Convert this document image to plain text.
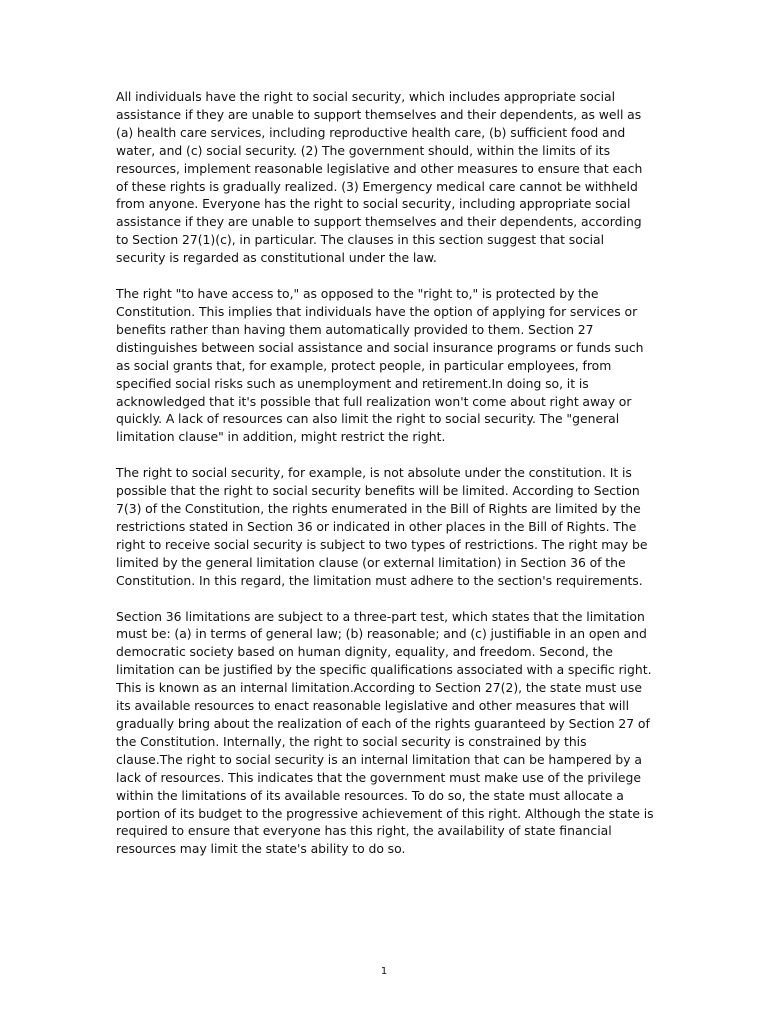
All individuals have the right to social security, which includes appropriate social assistance if they are unable to support themselves and their dependents, as well as (a) health care services, including reproductive health care, (b) sufficient food and water, and (c) social security. (2) The government should, within the limits of its resources, implement reasonable legislative and other measures to ensure that each of these rights is gradually realized. (3) Emergency medical care cannot be withheld from anyone. Everyone has the right to social security, including appropriate social assistance if they are unable to support themselves and their dependents, according to Section 27(1)(c), in particular. The clauses in this section suggest that social security is regarded as constitutional under the law.

The right "to have access to," as opposed to the "right to," is protected by the Constitution. This implies that individuals have the option of applying for services or benefits rather than having them automatically provided to them. Section 27 distinguishes between social assistance and social insurance programs or funds such as social grants that, for example, protect people, in particular employees, from specified social risks such as unemployment and retirement.In doing so, it is acknowledged that it's possible that full realization won't come about right away or quickly. A lack of resources can also limit the right to social security. The "general limitation clause" in addition, might restrict the right.

The right to social security, for example, is not absolute under the constitution. It is possible that the right to social security benefits will be limited. According to Section 7(3) of the Constitution, the rights enumerated in the Bill of Rights are limited by the restrictions stated in Section 36 or indicated in other places in the Bill of Rights. The right to receive social security is subject to two types of restrictions. The right may be limited by the general limitation clause (or external limitation) in Section 36 of the Constitution. In this regard, the limitation must adhere to the section's requirements.

Section 36 limitations are subject to a three-part test, which states that the limitation must be: (a) in terms of general law; (b) reasonable; and (c) justifiable in an open and democratic society based on human dignity, equality, and freedom. Second, the limitation can be justified by the specific qualifications associated with a specific right. This is known as an internal limitation.According to Section 27(2), the state must use its available resources to enact reasonable legislative and other measures that will gradually bring about the realization of each of the rights guaranteed by Section 27 of the Constitution. Internally, the right to social security is constrained by this clause.The right to social security is an internal limitation that can be hampered by a lack of resources. This indicates that the government must make use of the privilege within the limitations of its available resources. To do so, the state must allocate a portion of its budget to the progressive achievement of this right. Although the state is required to ensure that everyone has this right, the availability of state financial resources may limit the state's ability to do so.

1
